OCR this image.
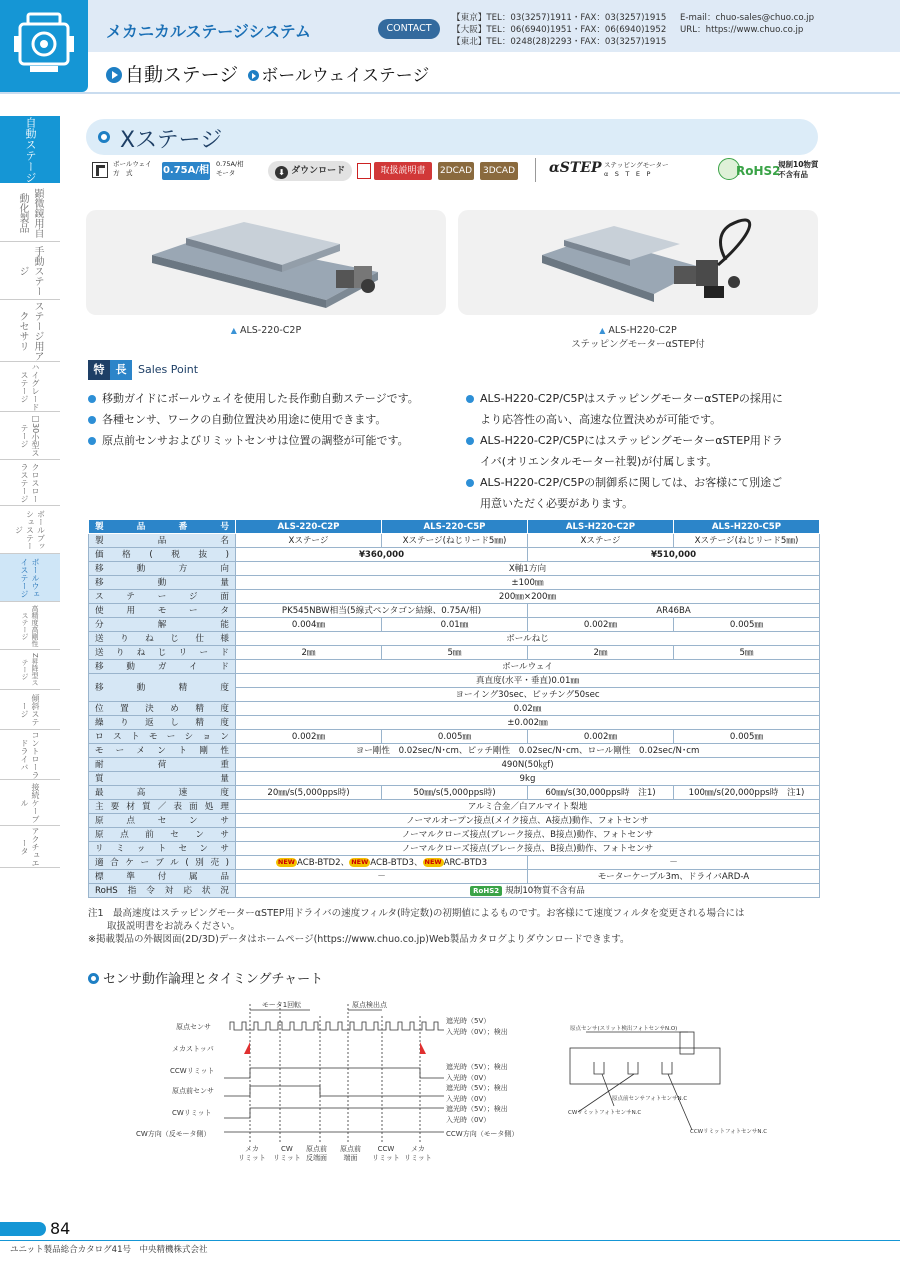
メカニカルステージシステム	CONTACT
【東京】TEL：03(3257)1911・FAX：03(3257)1915
【大阪】TEL：06(6940)1951・FAX：06(6940)1952
【東北】TEL：0248(28)2293・FAX：03(3257)1915
E-mail：chuo-sales@chuo.co.jp
URL：https://www.chuo.co.jp
自動ステージ ボールウェイステージ
自動ステージ
顕微鏡用自動化製品
手動ステージ
ステージ用アクセサリ
ハイグレードステージ
□30小型ステージ
クロスローラステージ
ボールブッシュステージ
ボールウェイステージ
高精度高剛性ステージ
Z昇降型ステージ
傾斜ステージ
コントローラドライバ
接続ケーブル
アクチュエータ
Xステージ
ボールウェイ
方　式	0.75A/相
0.75A/相
モータ	⬇ ダウンロード	取扱説明書	2DCAD	3DCAD αSTEP ステッピングモーター
α　S　T　E　P	RoHS2
規制10物質
不含有品
▲ ALS-220-C2P	▲ ALS-H220-C2P
ステッピングモーターαSTEP付
特 長 Sales Point
移動ガイドにボールウェイを使用した長作動自動ステージです。
各種センサ、ワークの自動位置決め用途に使用できます。
原点前センサおよびリミットセンサは位置の調整が可能です。
ALS-H220-C2P/C5PはステッピングモーターαSTEPの採用に
より応答性の高い、高速な位置決めが可能です。
ALS-H220-C2P/C5PにはステッピングモーターαSTEP用ドラ
イバ(オリエンタルモーター社製)が付属します。
ALS-H220-C2P/C5Pの制御系に関しては、お客様にて別途ご
用意いただく必要があります。
製品番号	ALS-220-C2P	ALS-220-C5P	ALS-H220-C2P	ALS-H220-C5P
製品名	Xステージ	Xステージ(ねじリード5㎜)	Xステージ	Xステージ(ねじリード5㎜)
価格(税抜)	¥360,000		¥510,000	
移動方向	X軸1方向			
移動量	±100㎜			
ステージ面	200㎜×200㎜			
使用モータ	PK545NBW相当(5線式ペンタゴン結線、0.75A/相)		AR46BA	
分解能	0.004㎜	0.01㎜	0.002㎜	0.005㎜
送りねじ仕様	ボールねじ			
送りねじリード	2㎜	5㎜	2㎜	5㎜
移動ガイド	ボールウェイ			
移動精度	真直度(水平・垂直)0.01㎜			
	ヨーイング30sec、ピッチング50sec			
位置決め精度	0.02㎜			
繰り返し精度	±0.002㎜			
ロストモーション	0.002㎜	0.005㎜	0.002㎜	0.005㎜
モーメント剛性	ヨー剛性　0.02sec/N･cm、ピッチ剛性　0.02sec/N･cm、ロール剛性　0.02sec/N･cm			
耐荷重	490N(50㎏f)			
質量	9kg			
最高速度	20㎜/s(5,000pps時)	50㎜/s(5,000pps時)	60㎜/s(30,000pps時　注1)	100㎜/s(20,000pps時　注1)
主要材質／表面処理	アルミ合金／白アルマイト梨地			
原点センサ	ノーマルオープン接点(メイク接点、A接点)動作、フォトセンサ			
原点前センサ	ノーマルクローズ接点(ブレーク接点、B接点)動作、フォトセンサ			
リミットセンサ	ノーマルクローズ接点(ブレーク接点、B接点)動作、フォトセンサ			
適合ケーブル(別売)	NEW ACB-BTD2、 NEW ACB-BTD3、 NEW ARC-BTD3		－	
標準付属品	－		モーターケーブル3m、ドライバARD-A	
RoHS指令対応状況	RoHS2 規制10物質不含有品			
注1　最高速度はステッピングモーターαSTEP用ドライバの速度フィルタ(時定数)の初期値によるものです。お客様にて速度フィルタを変更される場合には
　　取扱説明書をお読みください。
※掲載製品の外観図面(2D/3D)データはホームページ(https://www.chuo.co.jp)Web製品カタログよりダウンロードできます。
センサ動作論理とタイミングチャート
モータ1回転	原点検出点
原点センサ
メカストッパ
CCWリミット
原点前センサ
CWリミット
CW方向（反モータ側）
遮光時（5V）
入光時（0V）；検出
遮光時（5V）；検出
入光時（0V）
遮光時（5V）；検出
入光時（0V）
遮光時（5V）；検出
入光時（0V）
CCW方向（モータ側）
メカ
リミット
CW
リミット
原点前
反端面
原点前
端面
CCW
リミット
メカ
リミット
原点センサ(スリット検出フォトセンサN.O)
原点前センサフォトセンサN.C
CWリミットフォトセンサN.C
CCWリミットフォトセンサN.C
84
ユニット製品総合カタログ41号　中央精機株式会社
